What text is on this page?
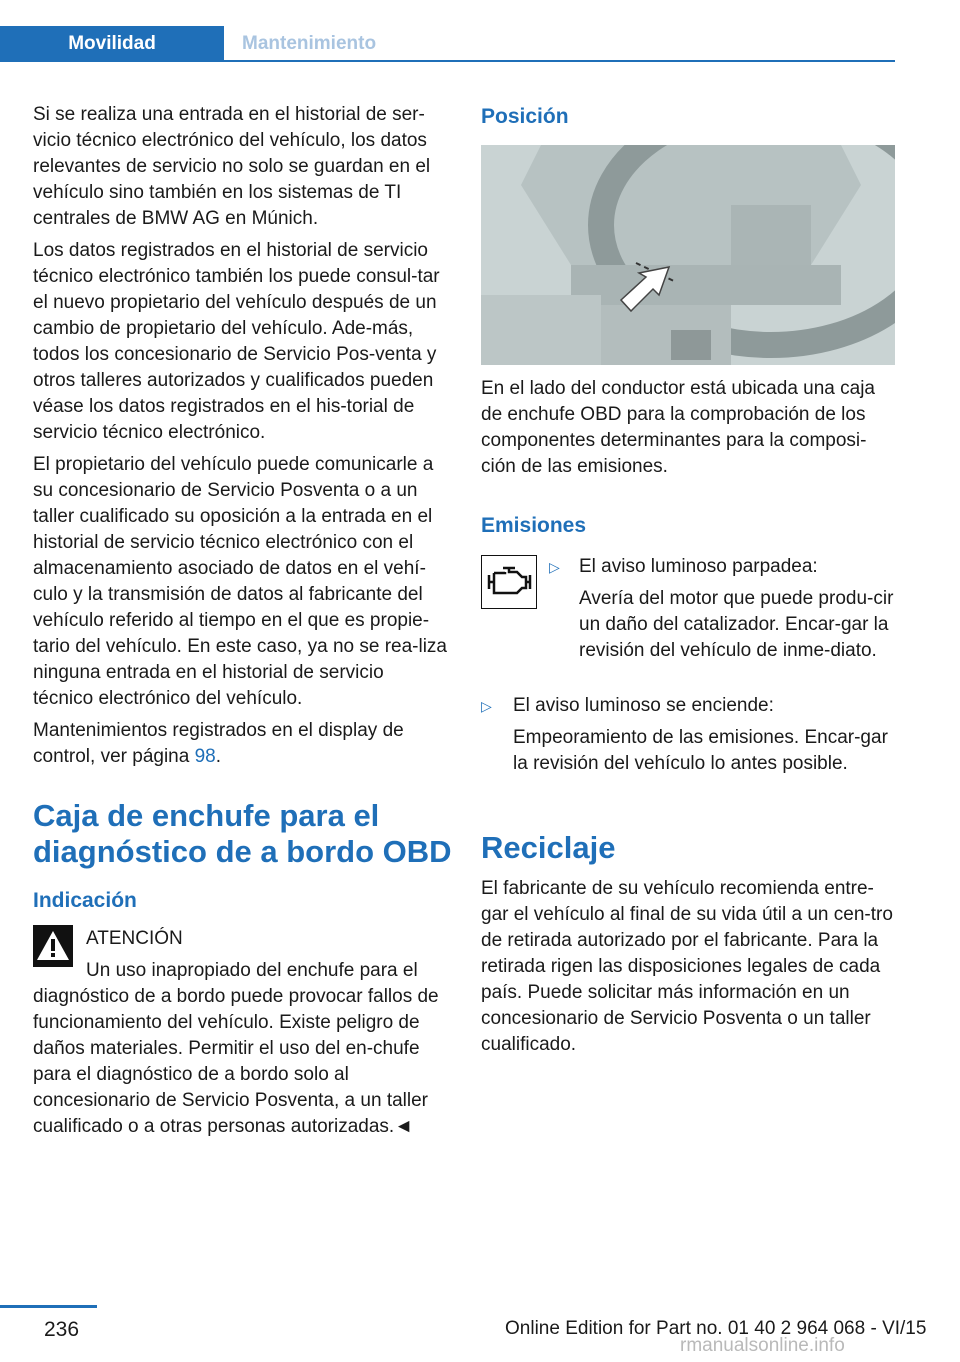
Movilidad	Mantenimiento

Si se realiza una entrada en el historial de ser-vicio técnico electrónico del vehículo, los datos relevantes de servicio no solo se guardan en el vehículo sino también en los sistemas de TI centrales de BMW AG en Múnich.

Los datos registrados en el historial de servicio técnico electrónico también los puede consul-tar el nuevo propietario del vehículo después de un cambio de propietario del vehículo. Ade-más, todos los concesionario de Servicio Pos-venta y otros talleres autorizados y cualificados pueden véase los datos registrados en el his-torial de servicio técnico electrónico.

El propietario del vehículo puede comunicarle a su concesionario de Servicio Posventa o a un taller cualificado su oposición a la entrada en el historial de servicio técnico electrónico con el almacenamiento asociado de datos en el vehí-culo y la transmisión de datos al fabricante del vehículo referido al tiempo en el que es propie-tario del vehículo. En este caso, ya no se rea-liza ninguna entrada en el historial de servicio técnico electrónico del vehículo.

Mantenimientos registrados en el display de control, ver página 98.

Caja de enchufe para el
diagnóstico de a bordo OBD
Indicación
ATENCIÓN
Un uso inapropiado del enchufe para el

diagnóstico de a bordo puede provocar fallos de funcionamiento del vehículo. Existe peligro de daños materiales. Permitir el uso del en-chufe para el diagnóstico de a bordo solo al concesionario de Servicio Posventa, a un taller cualificado o a otras personas autorizadas.◄

Posición

En el lado del conductor está ubicada una caja de enchufe OBD para la comprobación de los componentes determinantes para la composi-ción de las emisiones.

Emisiones
▷	El aviso luminoso parpadea:
Avería del motor que puede produ-cir un daño del catalizador. Encar-gar la revisión del vehículo de inme-diato.
▷	El aviso luminoso se enciende:
Empeoramiento de las emisiones. Encar-gar la revisión del vehículo lo antes posible.
Reciclaje

El fabricante de su vehículo recomienda entre-gar el vehículo al final de su vida útil a un cen-tro de retirada autorizado por el fabricante. Para la retirada rigen las disposiciones legales de cada país. Puede solicitar más información en un concesionario de Servicio Posventa o un taller cualificado.

236	Online Edition for Part no. 01 40 2 964 068 - VI/15
rmanualsonline.info
